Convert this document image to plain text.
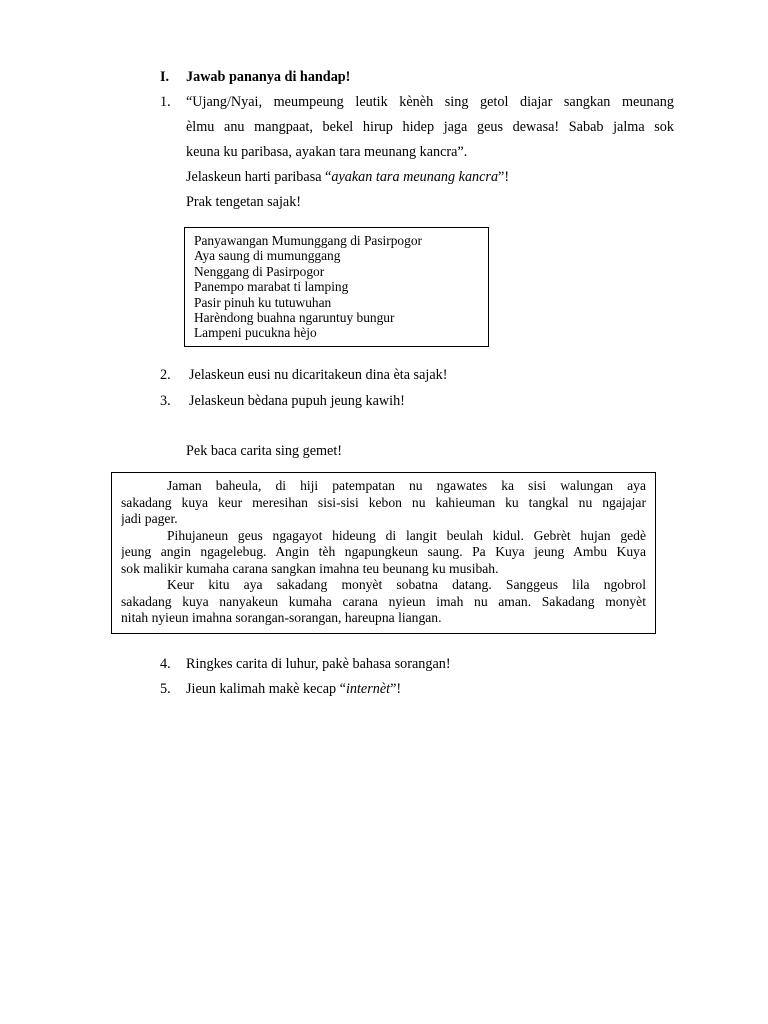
I. Jawab pananya di handap!
1. “Ujang/Nyai, meumpeung leutik kènèh sing getol diajar sangkan meunang
èlmu anu mangpaat, bekel hirup hidep jaga geus dewasa! Sabab jalma sok
keuna ku paribasa, ayakan tara meunang kancra”.
Jelaskeun harti paribasa “ayakan tara meunang kancra”!
Prak tengetan sajak!
Panyawangan Mumunggang di Pasirpogor
Aya saung di mumunggang
Nenggang di Pasirpogor
Panempo marabat ti lamping
Pasir pinuh ku tutuwuhan
Harèndong buahna ngaruntuy bungur
Lampeni pucukna hèjo
2. Jelaskeun eusi nu dicaritakeun dina èta sajak!
3. Jelaskeun bèdana pupuh jeung kawih!
Pek baca carita sing gemet!
Jaman baheula, di hiji patempatan nu ngawates ka sisi walungan aya
sakadang kuya keur meresihan sisi-sisi kebon nu kahieuman ku tangkal nu ngajajar
jadi pager.
Pihujaneun geus ngagayot hideung di langit beulah kidul. Gebrèt hujan gedè
jeung angin ngagelebug. Angin tèh ngapungkeun saung. Pa Kuya jeung Ambu Kuya
sok malikir kumaha carana sangkan imahna teu beunang ku musibah.
Keur kitu aya sakadang monyèt sobatna datang. Sanggeus lila ngobrol
sakadang kuya nanyakeun kumaha carana nyieun imah nu aman. Sakadang monyèt
nitah nyieun imahna sorangan-sorangan, hareupna liangan.
4. Ringkes carita di luhur, pakè bahasa sorangan!
5. Jieun kalimah makè kecap “internèt”!
